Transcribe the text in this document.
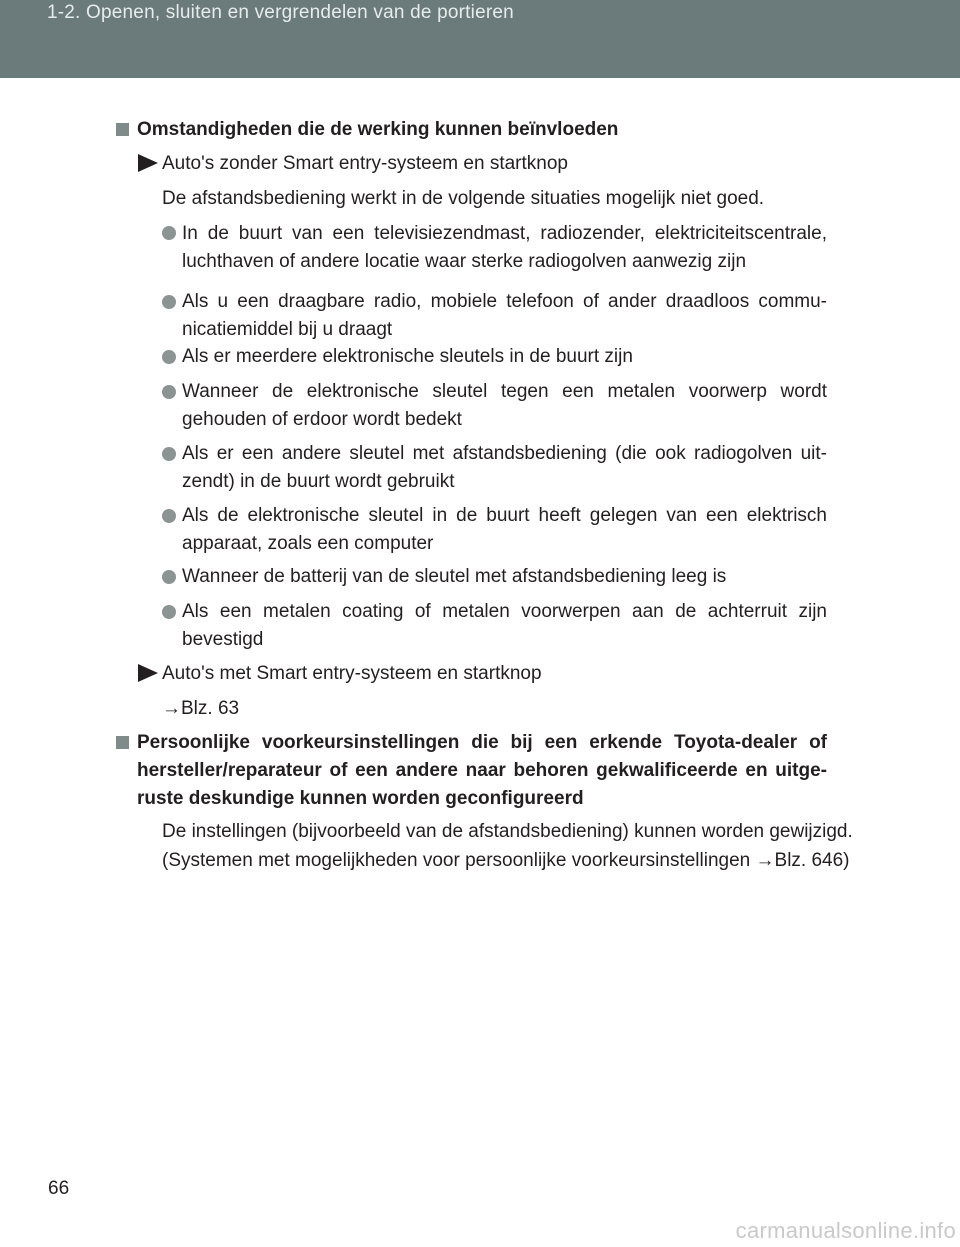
1-2. Openen, sluiten en vergrendelen van de portieren
Omstandigheden die de werking kunnen beïnvloeden
Auto's zonder Smart entry-systeem en startknop
De afstandsbediening werkt in de volgende situaties mogelijk niet goed.
In de buurt van een televisiezendmast, radiozender, elektriciteitscentrale, luchthaven of andere locatie waar sterke radiogolven aanwezig zijn
Als u een draagbare radio, mobiele telefoon of ander draadloos commu-nicatiemiddel bij u draagt
Als er meerdere elektronische sleutels in de buurt zijn
Wanneer de elektronische sleutel tegen een metalen voorwerp wordt gehouden of erdoor wordt bedekt
Als er een andere sleutel met afstandsbediening (die ook radiogolven uit-zendt) in de buurt wordt gebruikt
Als de elektronische sleutel in de buurt heeft gelegen van een elektrisch apparaat, zoals een computer
Wanneer de batterij van de sleutel met afstandsbediening leeg is
Als een metalen coating of metalen voorwerpen aan de achterruit zijn bevestigd
Auto's met Smart entry-systeem en startknop
→Blz. 63
Persoonlijke voorkeursinstellingen die bij een erkende Toyota-dealer of hersteller/reparateur of een andere naar behoren gekwalificeerde en uitge-ruste deskundige kunnen worden geconfigureerd
De instellingen (bijvoorbeeld van de afstandsbediening) kunnen worden gewijzigd.
(Systemen met mogelijkheden voor persoonlijke voorkeursinstellingen →Blz. 646)
66
carmanualsonline.info
